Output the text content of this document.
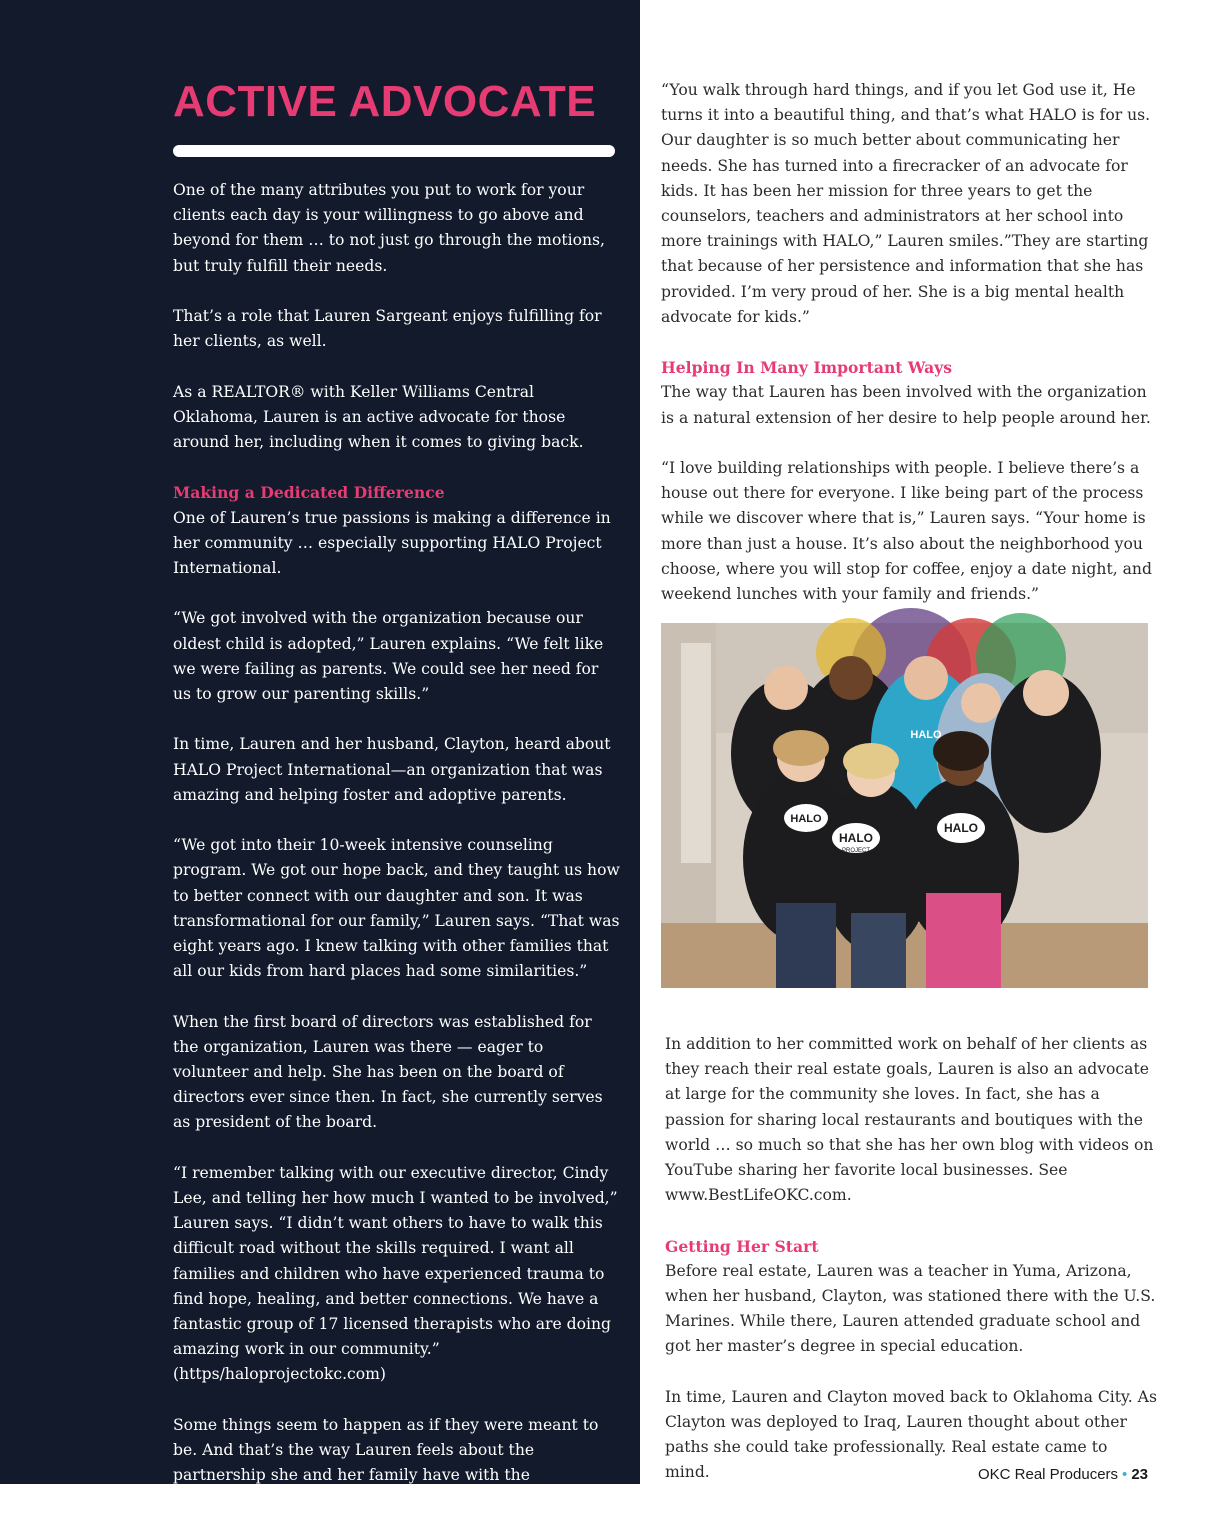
ACTIVE ADVOCATE

One of the many attributes you put to work for your clients each day is your willingness to go above and beyond for them … to not just go through the motions, but truly fulfill their needs.

That’s a role that Lauren Sargeant enjoys fulfilling for her clients, as well.

As a REALTOR® with Keller Williams Central Oklahoma, Lauren is an active advocate for those around her, including when it comes to giving back.

Making a Dedicated Difference

One of Lauren’s true passions is making a difference in her community … especially supporting HALO Project International.

“We got involved with the organization because our oldest child is adopted,” Lauren explains. “We felt like we were failing as parents. We could see her need for us to grow our parenting skills.”

In time, Lauren and her husband, Clayton, heard about HALO Project International—an organization that was amazing and helping foster and adoptive parents.

“We got into their 10-week intensive counseling program. We got our hope back, and they taught us how to better connect with our daughter and son. It was transformational for our family,” Lauren says. “That was eight years ago. I knew talking with other families that all our kids from hard places had some similarities.”

When the first board of directors was established for the organization, Lauren was there — eager to volunteer and help. She has been on the board of directors ever since then. In fact, she currently serves as president of the board.

“I remember talking with our executive director, Cindy Lee, and telling her how much I wanted to be involved,” Lauren says. “I didn’t want others to have to walk this difficult road without the skills required. I want all families and children who have experienced trauma to find hope, healing, and better connections. We have a fantastic group of 17 licensed therapists who are doing amazing work in our community.” (https/haloprojectokc.com)

Some things seem to happen as if they were meant to be. And that’s the way Lauren feels about the partnership she and her family have with the organization.

“You walk through hard things, and if you let God use it, He turns it into a beautiful thing, and that’s what HALO is for us. Our daughter is so much better about communicating her needs. She has turned into a firecracker of an advocate for kids. It has been her mission for three years to get the counselors, teachers and administrators at her school into more trainings with HALO,” Lauren smiles.”They are starting that because of her persistence and information that she has provided. I’m very proud of her. She is a big mental health advocate for kids.”

Helping In Many Important Ways

The way that Lauren has been involved with the organization is a natural extension of her desire to help people around her.

“I love building relationships with people. I believe there’s a house out there for everyone. I like being part of the process while we discover where that is,” Lauren says. “Your home is more than just a house. It’s also about the neighborhood you choose, where you will stop for coffee, enjoy a date night, and weekend lunches with your family and friends.”

HALO
HALO
HALO
HALO
PROJECT

In addition to her committed work on behalf of her clients as they reach their real estate goals, Lauren is also an advocate at large for the community she loves. In fact, she has a passion for sharing local restaurants and boutiques with the world … so much so that she has her own blog with videos on YouTube sharing her favorite local businesses. See www.BestLifeOKC.com.

Getting Her Start

Before real estate, Lauren was a teacher in Yuma, Arizona, when her husband, Clayton, was stationed there with the U.S. Marines. While there, Lauren attended graduate school and got her master’s degree in special education.

In time, Lauren and Clayton moved back to Oklahoma City. As Clayton was deployed to Iraq, Lauren thought about other paths she could take professionally. Real estate came to mind.	OKC Real Producers • 23
